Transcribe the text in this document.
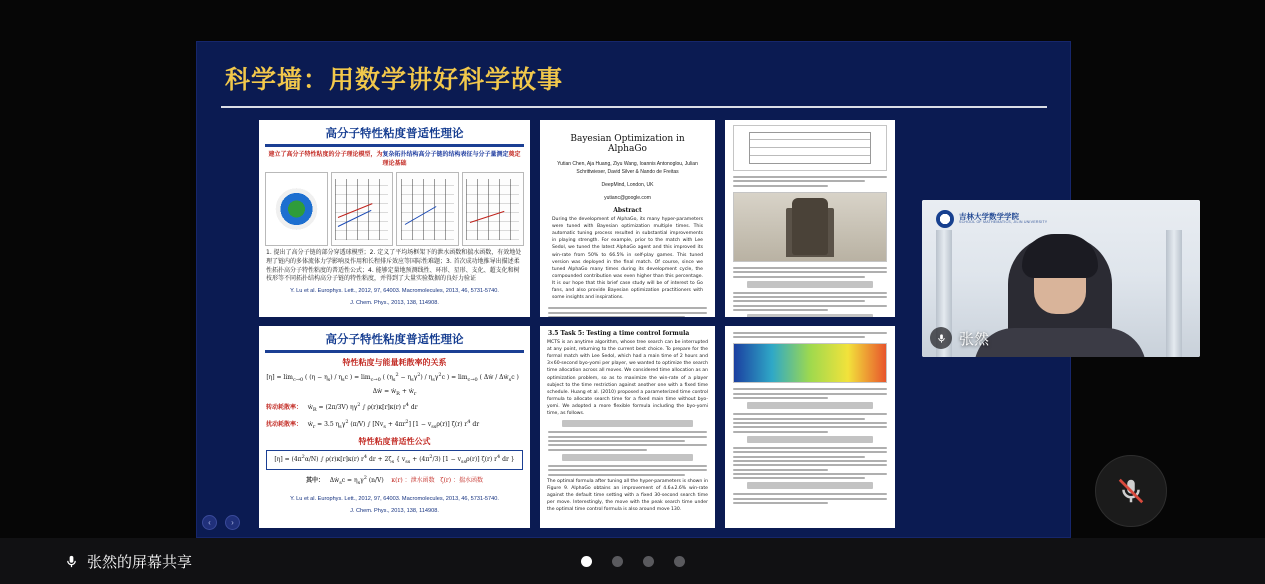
科学墙：用数学讲好科学故事
高分子特性粘度普适性理论
建立了高分子特性粘度的分子理论模型，为复杂拓扑结构高分子链的结构表征与分子量测定奠定理论基础
1. 提出了高分子链的部分穿透球模型；2. 定义了平均场框架下的泄水函数和揣水函数，有效地处理了链内的多体流体力学影响及作用和长程排斥效应等国际性难题；3. 首次成功地推导出描述柔性拓扑高分子特性粘度的普适性公式；4. 能够定量地预测线性、环形、星形、支化、超支化和树枝形等不同拓扑结构高分子链的特性粘度，并得到了大量实验数据的良好力验证
Y. Lu et al. Europhys. Lett., 2012, 97, 64003. Macromolecules, 2013, 46, 5731-5740.
J. Chem. Phys., 2013, 138, 114908.
Bayesian Optimization in AlphaGo
Yutian Chen, Aja Huang, Ziyu Wang, Ioannis Antonoglou, Julian Schrittwieser, David Silver & Nando de Freitas
DeepMind, London, UK
yutianc@google.com
Abstract
During the development of AlphaGo, its many hyper-parameters were tuned with Bayesian optimization multiple times. This automatic tuning process resulted in substantial improvements in playing strength. For example, prior to the match with Lee Sedol, we tuned the latest AlphaGo agent and this improved its win-rate from 50% to 66.5% in self-play games. This tuned version was deployed in the final match. Of course, since we tuned AlphaGo many times during its development cycle, the compounded contribution was even higher than this percentage. It is our hope that this brief case study will be of interest to Go fans, and also provide Bayesian optimization practitioners with some insights and inspirations.
高分子特性粘度普适性理论
特性粘度与能量耗散率的关系
$[\eta] = \lim_{c\to 0}$ ( $(\eta - \eta_s) / \eta_sc$ ) = $\lim_{c\to 0}$ ( $(\eta_s^2 - \eta_s\gamma^2) / \eta_s\gamma^2c$ ) = $\lim_{c\to 0}$ ( Δẇ / Δẇ$_s$c )   Δẇ = ẇ$_R$ + ẇ$_r$
转动耗散率：   ẇ$_R$ = (2π/3V) $\eta\gamma^2$ ∫ ρ(r)κ[r]κ(r) $r^4$ dr
扰动耗散率：   ẇ$_r$ = 3.5 $\eta_s\gamma^2$ (π/V) ∫ $[Nv_s + 4\pi r^2] [1 - v_{ss}\rho(r)]$ ζ(r) $r^4$ dr
特性粘度普适性公式
$[\eta] = (4\pi^2\alpha/N)$ ∫ ρ(r)κ[r]κ(r) $r^4$ dr + $2\zeta_s$ { $v_{ss} + (4\pi^2/3) [1 - v_{ss}\rho(r)]$ ζ(r) $r^4$ dr }
其中：   Δẇ$_s$c = $\eta_s\gamma^2$ (n/V)    κ(r) ：泄水函数 ζ(r) ：揣水函数
Y. Lu et al. Europhys. Lett., 2012, 97, 64003. Macromolecules, 2013, 46, 5731-5740.
J. Chem. Phys., 2013, 138, 114908.
3.5 Task 5: Testing a time control formula
MCTS is an anytime algorithm, whose tree search can be interrupted at any point, returning to the current best choice. To prepare for the formal match with Lee Sedol, which had a main time of 2 hours and 3×60-second byo-yomi per player, we wanted to optimize the search time allocation across all moves. We considered time allocation as an optimization problem, so as to maximize the win-rate of a player subject to the time restriction against another one with a fixed time schedule. Huang et al. (2010) proposed a parameterized time control formula to allocate search time for a fixed main time without byo-yomi. We adopted a more flexible formula including the byo-yomi time, as follows.
The optimal formula after tuning all the hyper-parameters is shown in Figure 9. AlphaGo obtains an improvement of 4.6±2.6% win-rate against the default time setting with a fixed 30-second search time per move. Interestingly, the move with the peak search time under the optimal time control formula is also around move 130.
‹	›
吉林大学数学学院
SCHOOL OF MATHEMATICS, JILIN UNIVERSITY
张然
张然的屏幕共享
